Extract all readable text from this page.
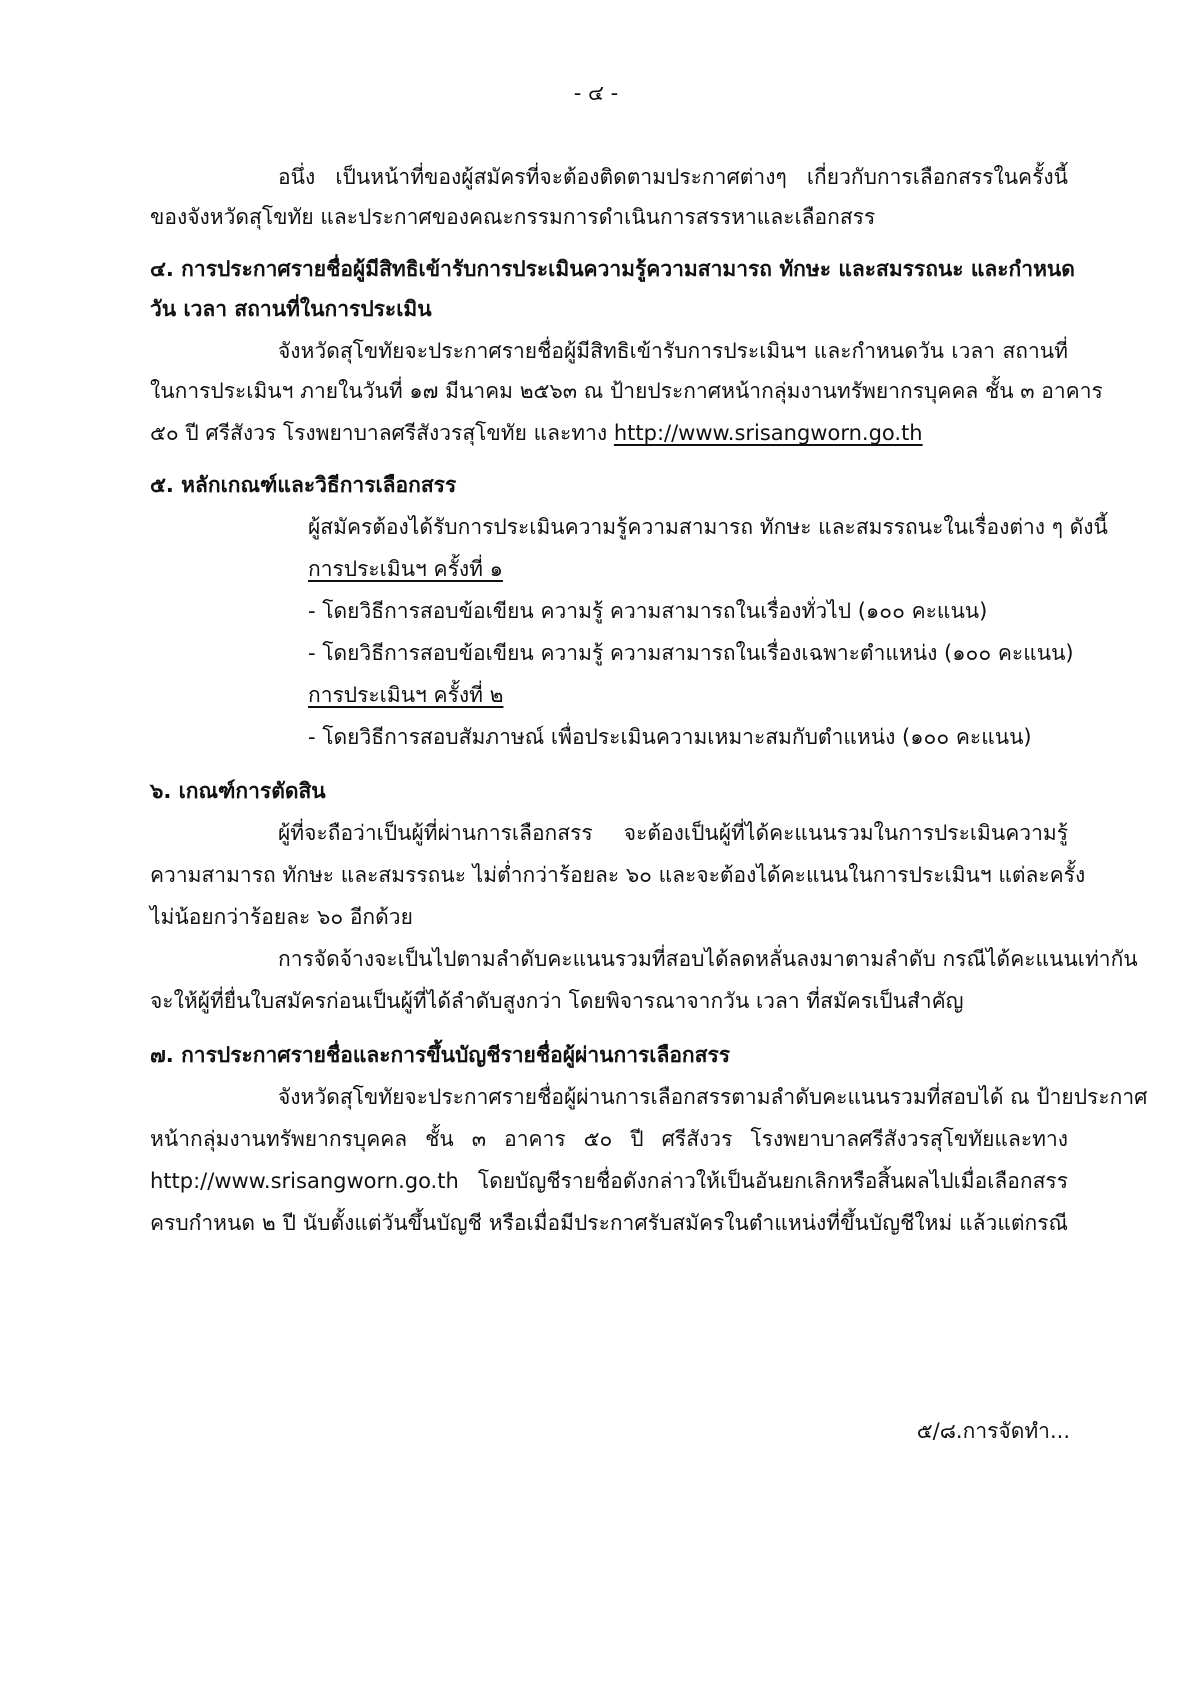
- ๔ -
อนึ่ง เป็นหน้าที่ของผู้สมัครที่จะต้องติดตามประกาศต่างๆ เกี่ยวกับการเลือกสรรในครั้งนี้
ของจังหวัดสุโขทัย และประกาศของคณะกรรมการดำเนินการสรรหาและเลือกสรร
๔. การประกาศรายชื่อผู้มีสิทธิเข้ารับการประเมินความรู้ความสามารถ ทักษะ และสมรรถนะ และกำหนด
วัน เวลา สถานที่ในการประเมิน
จังหวัดสุโขทัยจะประกาศรายชื่อผู้มีสิทธิเข้ารับการประเมินฯ และกำหนดวัน เวลา สถานที่
ในการประเมินฯ ภายในวันที่ ๑๗ มีนาคม ๒๕๖๓ ณ ป้ายประกาศหน้ากลุ่มงานทรัพยากรบุคคล ชั้น ๓ อาคาร
๕๐ ปี ศรีสังวร โรงพยาบาลศรีสังวรสุโขทัย และทาง http://www.srisangworn.go.th
๕. หลักเกณฑ์และวิธีการเลือกสรร
ผู้สมัครต้องได้รับการประเมินความรู้ความสามารถ ทักษะ และสมรรถนะในเรื่องต่าง ๆ ดังนี้
การประเมินฯ ครั้งที่ ๑
- โดยวิธีการสอบข้อเขียน ความรู้ ความสามารถในเรื่องทั่วไป (๑๐๐ คะแนน)
- โดยวิธีการสอบข้อเขียน ความรู้ ความสามารถในเรื่องเฉพาะตำแหน่ง (๑๐๐ คะแนน)
การประเมินฯ ครั้งที่ ๒
- โดยวิธีการสอบสัมภาษณ์ เพื่อประเมินความเหมาะสมกับตำแหน่ง (๑๐๐ คะแนน)
๖. เกณฑ์การตัดสิน
ผู้ที่จะถือว่าเป็นผู้ที่ผ่านการเลือกสรร จะต้องเป็นผู้ที่ได้คะแนนรวมในการประเมินความรู้
ความสามารถ ทักษะ และสมรรถนะ ไม่ต่ำกว่าร้อยละ ๖๐ และจะต้องได้คะแนนในการประเมินฯ แต่ละครั้ง
ไม่น้อยกว่าร้อยละ ๖๐ อีกด้วย
การจัดจ้างจะเป็นไปตามลำดับคะแนนรวมที่สอบได้ลดหลั่นลงมาตามลำดับ กรณีได้คะแนนเท่ากัน
จะให้ผู้ที่ยื่นใบสมัครก่อนเป็นผู้ที่ได้ลำดับสูงกว่า โดยพิจารณาจากวัน เวลา ที่สมัครเป็นสำคัญ
๗. การประกาศรายชื่อและการขึ้นบัญชีรายชื่อผู้ผ่านการเลือกสรร
จังหวัดสุโขทัยจะประกาศรายชื่อผู้ผ่านการเลือกสรรตามลำดับคะแนนรวมที่สอบได้ ณ ป้ายประกาศ
หน้ากลุ่มงานทรัพยากรบุคคล ชั้น ๓ อาคาร ๕๐ ปี ศรีสังวร โรงพยาบาลศรีสังวรสุโขทัยและทาง
http://www.srisangworn.go.th โดยบัญชีรายชื่อดังกล่าวให้เป็นอันยกเลิกหรือสิ้นผลไปเมื่อเลือกสรร
ครบกำหนด ๒ ปี นับตั้งแต่วันขึ้นบัญชี หรือเมื่อมีประกาศรับสมัครในตำแหน่งที่ขึ้นบัญชีใหม่ แล้วแต่กรณี
๕/๘.การจัดทำ...
